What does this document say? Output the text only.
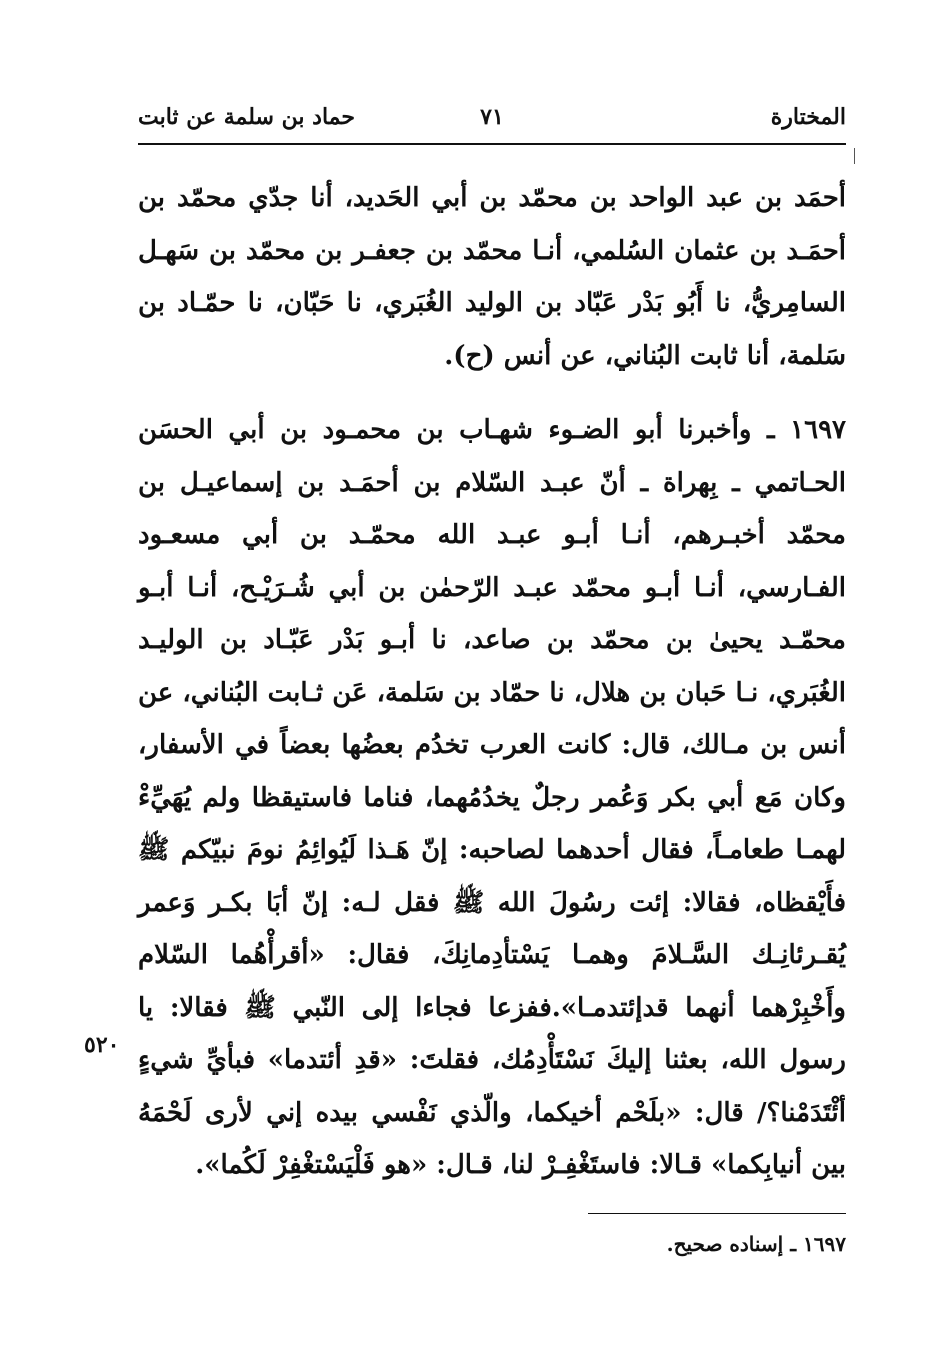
المختارة
٧١
حماد بن سلمة عن ثابت
أحمَد بن عبد الواحد بن محمّد بن أبي الحَديد، أنا جدّي محمّد بن أحمَـد بن عثمان السُلمي، أنـا محمّد بن جعفـر بن محمّد بن سَهـل السامِريُّ، نا أَبُو بَدْر عَبّاد بن الوليد الغُبَري، نا حَبّان، نا حمّـاد بن سَلمة، أنا ثابت البُناني، عن أنس (ح).
١٦٩٧ ـ وأخبرنا أبو الضـوء شهـاب بن محمـود بن أبي الحسَن الحـاتمي ـ بِهراة ـ أنّ عبـد السّلام بن أحمَـد بن إسماعيـل بن محمّد أخبـرهم، أنـا أبـو عبـد الله محمّـد بن أبي مسعـود الفـارسي، أنـا أبـو محمّد عبـد الرّحمٰن بن أبي شُـرَيْـح، أنـا أبـو محمّـد يحيىٰ بن محمّد بن صاعد، نا أبـو بَدْر عَبّـاد بن الوليـد الغُبَري، نـا حَبان بن هلال، نا حمّاد بن سَلمة، عَن ثـابت البُناني، عن أنس بن مـالك، قال: كانت العرب تخدُم بعضُها بعضاً في الأسفار، وكان مَع أبي بكر وَعُمر رجلٌ يخدُمُهما، فناما فاستيقظا ولم يُهَيِّءْ لهمـا طعامـاً، فقال أحدهما لصاحبه: إنّ هَـذا لَيُوائِمُ نومَ نبيّكم ﷺ فأَيْقظاه، فقالا: إئت رسُولَ الله ﷺ فقل لـه: إنّ أبَا بكـر وَعمر يُقـرئانِـك السَّـلامَ وهمـا يَسْتأدِمانِكَ، فقال: «أقرأْهُما السّلام وأَخْبِرْهما أنهما قدإئتدمـا».ففزعا فجاءا إلى النّبي ﷺ فقالا: يا رسول الله، بعثنا إليكَ نَسْتَأْدِمُك، فقلتَ: «قدِ أئتدما» فبأيِّ شيءٍ أئْتَدَمْنا؟/ قال: «بلَحْم أخيكما، والّذي نَفْسي بيده إني لأرى لَحْمَهُ بين أنيابِكما» قـالا: فاستَغْفِـرْ لنا، قـال: «هو فَلْيَسْتغْفِرْ لَكُما».
٥٢٠
١٦٩٧ ـ إسناده صحيح.
